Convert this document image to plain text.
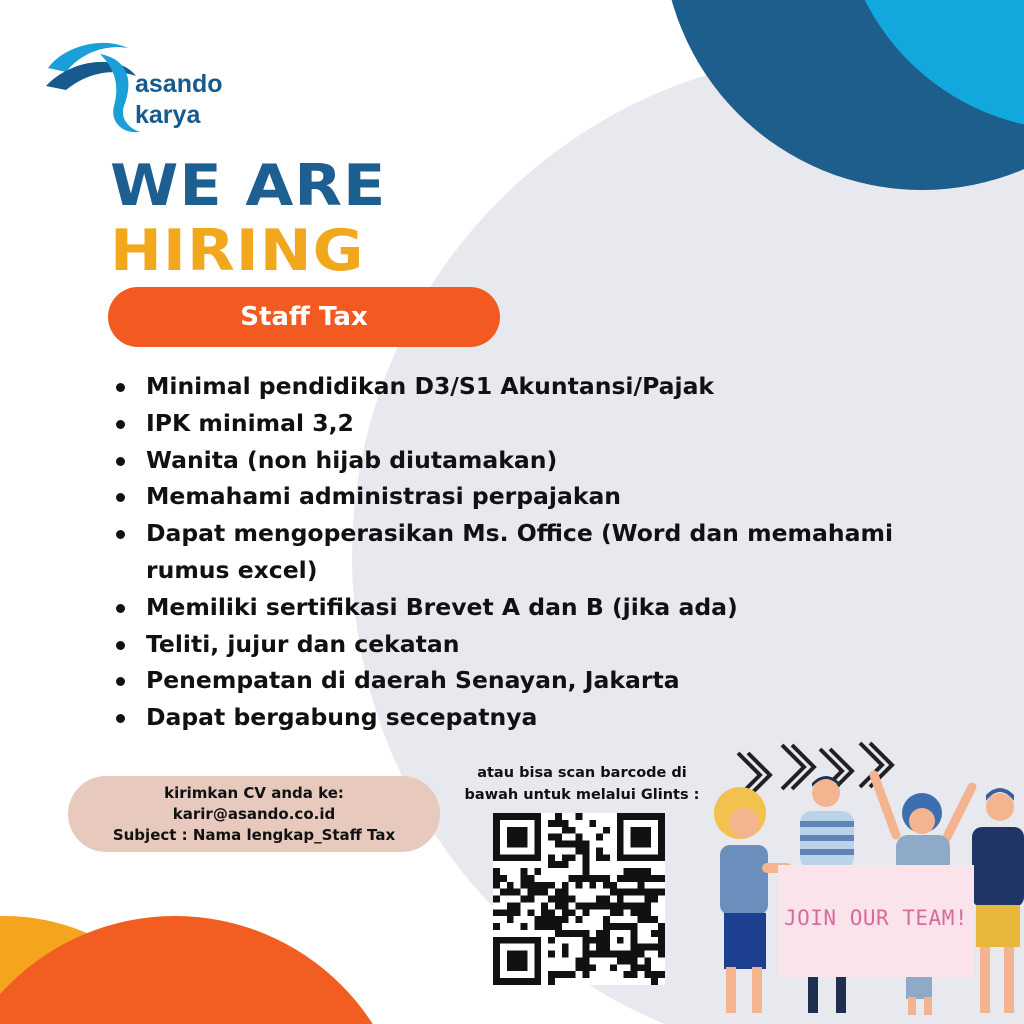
asando
karya
WE ARE
HIRING
Staff Tax
Minimal pendidikan D3/S1 Akuntansi/Pajak
IPK minimal 3,2
Wanita (non hijab diutamakan)
Memahami administrasi perpajakan
Dapat mengoperasikan Ms. Office (Word dan memahami rumus excel)
Memiliki sertifikasi Brevet A dan B (jika ada)
Teliti, jujur dan cekatan
Penempatan di daerah Senayan, Jakarta
Dapat bergabung secepatnya
kirimkan CV anda ke:
karir@asando.co.id
Subject : Nama lengkap_Staff Tax
atau bisa scan barcode di
bawah untuk melalui Glints :
JOIN OUR TEAM!
